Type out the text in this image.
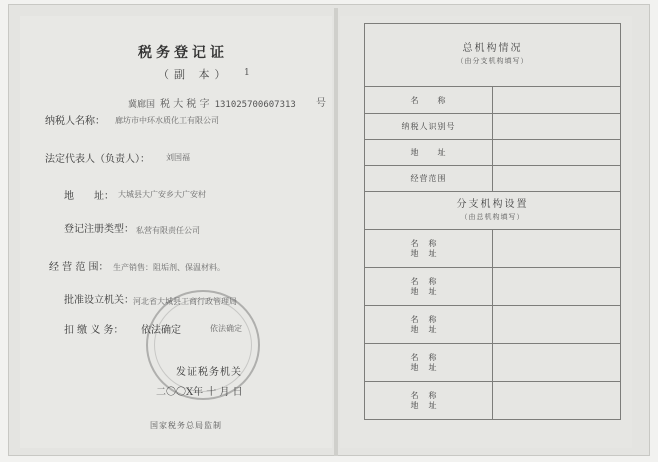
税务登记证
（副 本） 1
冀廊国 税 大 税 字 131025700607313 号
纳税人名称： 廊坊市中环水质化工有限公司
法定代表人（负责人）： 刘国福
地　　址： 大城县大广安乡大广安村
登记注册类型： 私营有限责任公司
经 营 范 围： 生产销售：阻垢剂、保温材料。
批准设立机关： 河北省大城县工商行政管理局
扣 缴 义 务： 依法确定	依法确定
发证税务机关
二〇〇X年 十 月 日
国家税务总局监制
总机构情况
（由分支机构填写）	

名　　称	
纳税人识别号	
地　　址	
经营范围	
分支机构设置
（由总机构填写）	

名称
地址	

名称
地址	

名称
地址	

名称
地址	

名称
地址	
